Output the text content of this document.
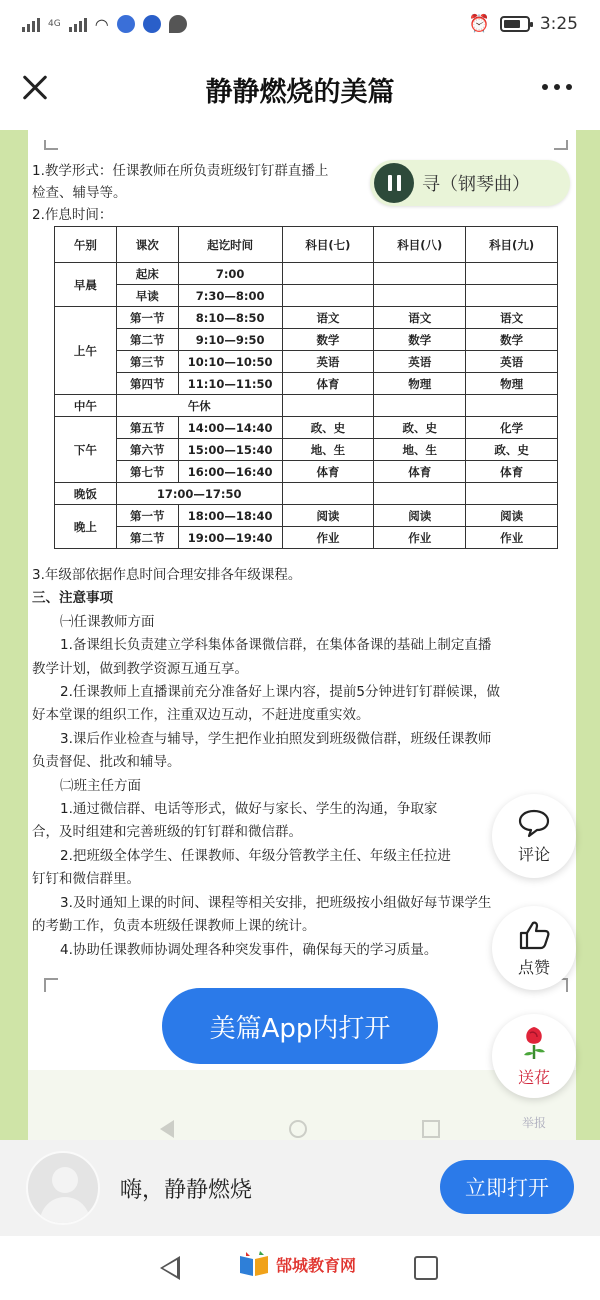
4G ◠	⏰	3:25
静静燃烧的美篇
1.教学形式：任课教师在所负责班级钉钉群直播上
检查、辅导等。
2.作息时间：
午别	课次	起讫时间	科目(七)	科目(八)	科目(九)
早晨	起床	7:00			
	早读	7:30—8:00			
上午	第一节	8:10—8:50	语文	语文	语文
	第二节	9:10—9:50	数学	数学	数学
	第三节	10:10—10:50	英语	英语	英语
	第四节	11:10—11:50	体育	物理	物理
中午	午休				
下午	第五节	14:00—14:40	政、史	政、史	化学
	第六节	15:00—15:40	地、生	地、生	政、史
	第七节	16:00—16:40	体育	体育	体育
晚饭	17:00—17:50				
晚上	第一节	18:00—18:40	阅读	阅读	阅读
	第二节	19:00—19:40	作业	作业	作业
3.年级部依据作息时间合理安排各年级课程。
三、注意事项
㈠任课教师方面
1.备课组长负责建立学科集体备课微信群，在集体备课的基础上制定直播
教学计划，做到教学资源互通互享。
2.任课教师上直播课前充分准备好上课内容，提前5分钟进钉钉群候课，做
好本堂课的组织工作，注重双边互动，不赶进度重实效。
3.课后作业检查与辅导，学生把作业拍照发到班级微信群，班级任课教师
负责督促、批改和辅导。
㈡班主任方面
1.通过微信群、电话等形式，做好与家长、学生的沟通，争取家
合，及时组建和完善班级的钉钉群和微信群。
2.把班级全体学生、任课教师、年级分管教学主任、年级主任拉进
钉钉和微信群里。
3.及时通知上课的时间、课程等相关安排，把班级按小组做好每节课学生
的考勤工作，负责本班级任课教师上课的统计。
4.协助任课教师协调处理各种突发事件，确保每天的学习质量。
寻（钢琴曲）
评论
点赞
送花
美篇App内打开
举报
嗨，静静燃烧	立即打开
郜城教育网
